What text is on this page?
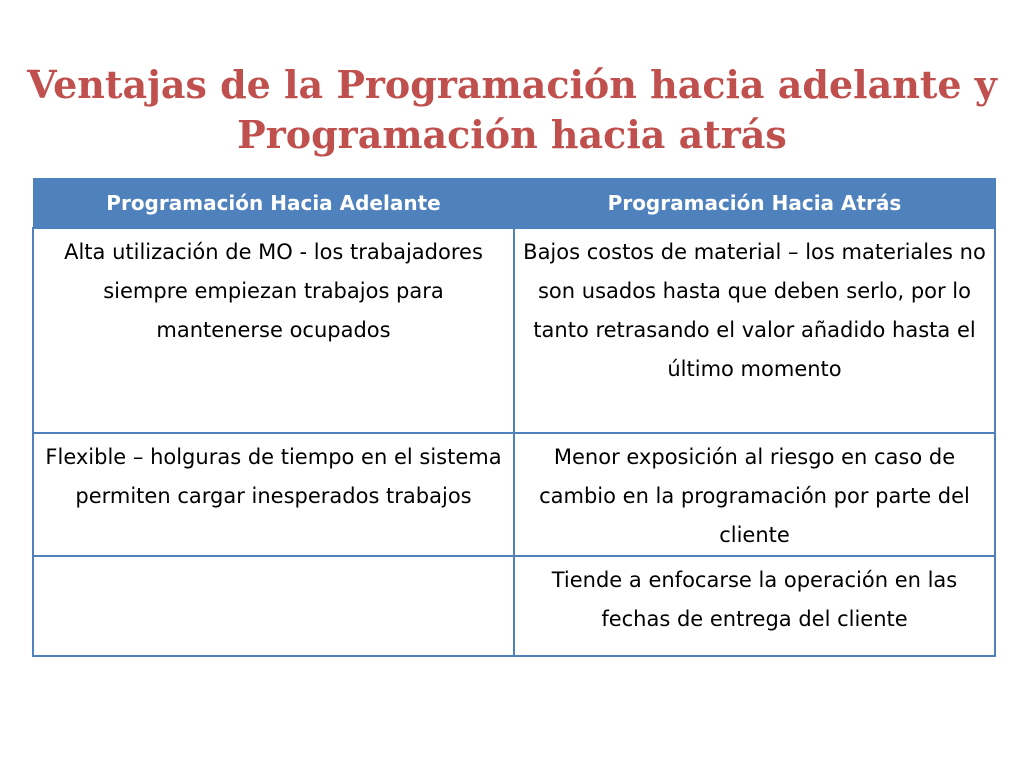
Ventajas de la Programación hacia adelante y
Programación hacia atrás
Programación Hacia Adelante	Programación Hacia Atrás
Alta utilización de MO - los trabajadores siempre empiezan trabajos para mantenerse ocupados	Bajos costos de material – los materiales no son usados hasta que deben serlo, por lo tanto retrasando el valor añadido hasta el último momento
Flexible – holguras de tiempo en el sistema permiten cargar inesperados trabajos	Menor exposición al riesgo en caso de cambio en la programación por parte del cliente
	Tiende a enfocarse la operación en las fechas de entrega del cliente
